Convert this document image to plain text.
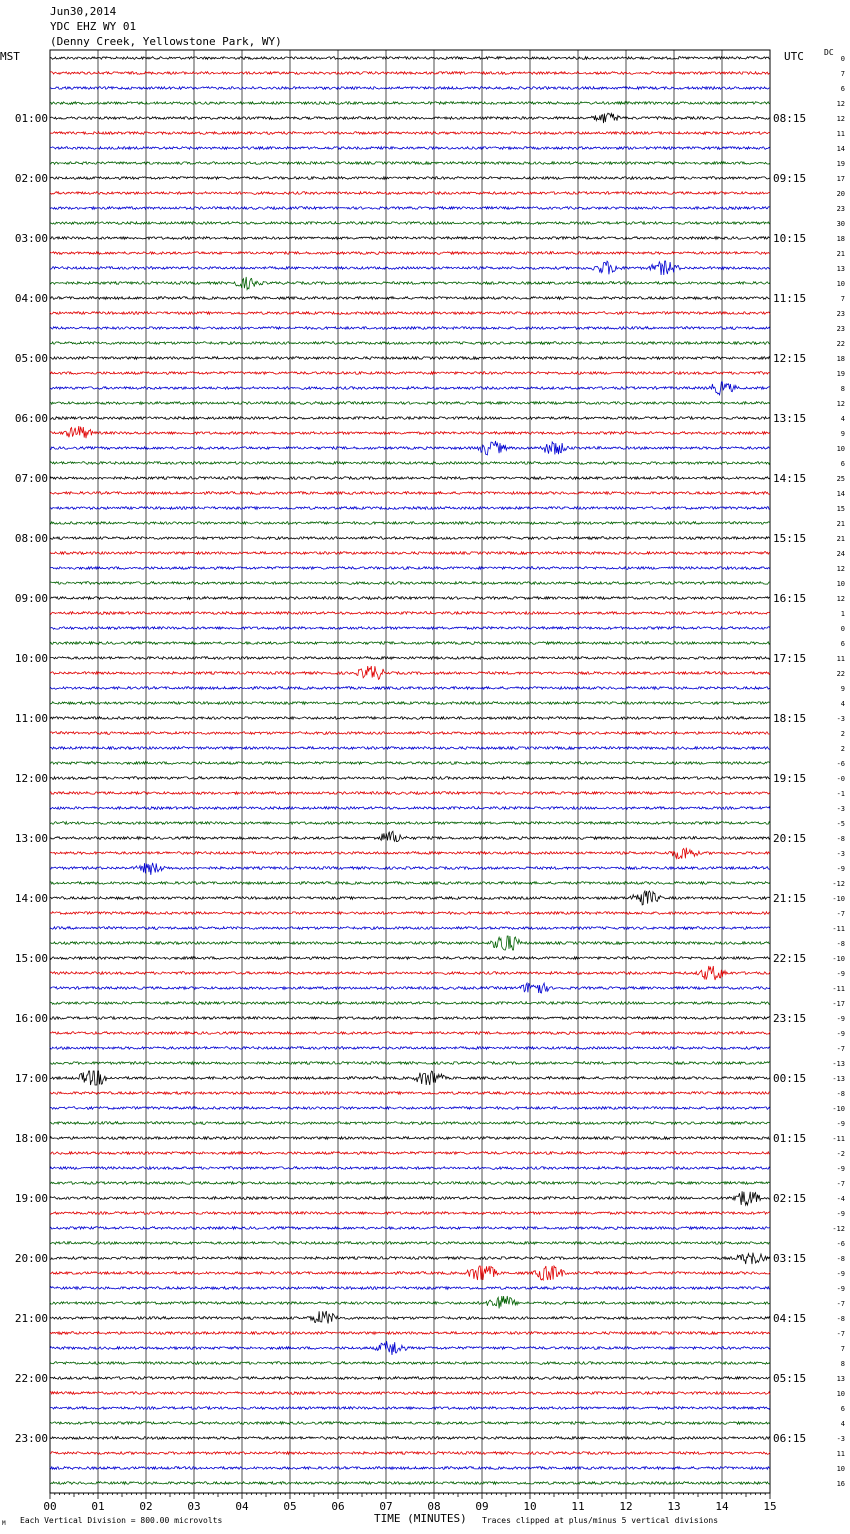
Jun30,2014
YDC EHZ WY 01
(Denny Creek, Yellowstone Park, WY)
MST	UTC	DC
0
7
6
12
12
11
14
19
17
20
23
30
18
21
13
10
7
23
23
22
18
19
8
12
4
9
10
6
25
14
15
21
21
24
12
10
12
1
0
6
11
22
9
4
-3
2
2
-6
-0
-1
-3
-5
-8
-3
-9
-12
-10
-7
-11
-8
-10
-9
-11
-17
-9
-9
-7
-13
-13
-8
-10
-9
-11
-2
-9
-7
-4
-9
-12
-6
-8
-9
-9
-7
-8
-7
7
8
13
10
6
4
-3
11
10
16
01:00
02:00
03:00
04:00
05:00
06:00
07:00
08:00
09:00
10:00
11:00
12:00
13:00
14:00
15:00
16:00
17:00
18:00
19:00
20:00
21:00
22:00
23:00
08:15
09:15
10:15
11:15
12:15
13:15
14:15
15:15
16:15
17:15
18:15
19:15
20:15
21:15
22:15
23:15
00:15
01:15
02:15
03:15
04:15
05:15
06:15
00	01	02	03	04	05	06	07	08	09	10	11	12	13	14	15
TIME (MINUTES)
Each Vertical Division = 800.00 microvolts	Traces clipped at plus/minus 5 vertical divisions
M
